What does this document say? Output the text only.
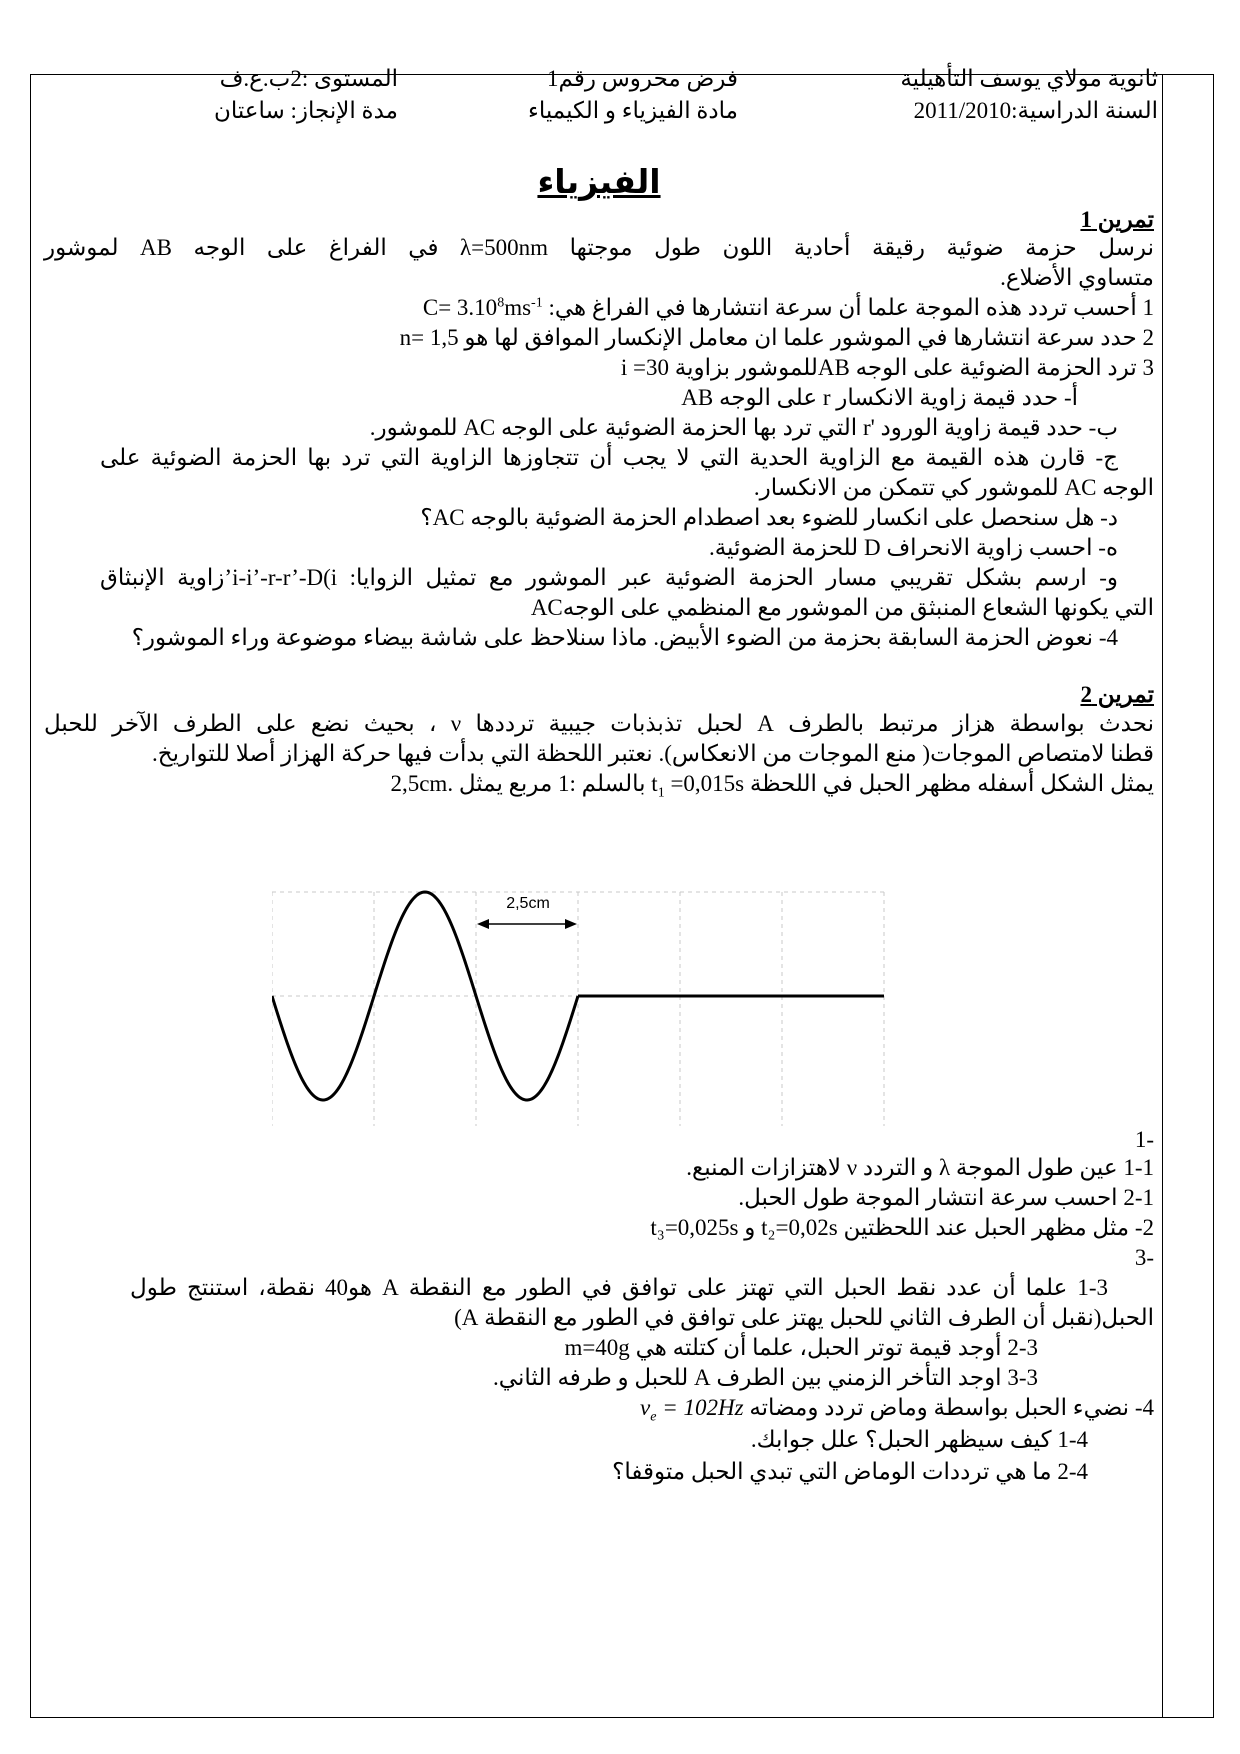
ثانوية مولاي يوسف التأهيلية
السنة الدراسية:2011/2010
فرض محروس رقم1
مادة الفيزياء و الكيمياء
المستوى :2ب.ع.ف
مدة الإنجاز: ساعتان
الفيزياء
تمرين 1
نرسل حزمة ضوئية رقيقة أحادية اللون طول موجتها λ=500nm في الفراغ على الوجه AB لموشور
متساوي الأضلاع.
1 أحسب تردد هذه الموجة علما أن سرعة انتشارها في الفراغ هي: $C= 3.10^8ms^{-1}$
2 حدد سرعة انتشارها في الموشور علما ان معامل الإنكسار الموافق لها هو n= 1,5
3 ترد الحزمة الضوئية على الوجه ABللموشور بزاوية i =30
أ- حدد قيمة زاوية الانكسار r على الوجه AB
ب- حدد قيمة زاوية الورود r' التي ترد بها الحزمة الضوئية على الوجه AC للموشور.
ج- قارن هذه القيمة مع الزاوية الحدية التي لا يجب أن تتجاوزها الزاوية التي ترد بها الحزمة الضوئية على
الوجه AC للموشور كي تتمكن من الانكسار.
د- هل سنحصل على انكسار للضوء بعد اصطدام الحزمة الضوئية بالوجه AC؟
ه- احسب زاوية الانحراف D للحزمة الضوئية.
و- ارسم بشكل تقريبي مسار الحزمة الضوئية عبر الموشور مع تمثيل الزوايا: i-i’-r-r’-D(i’زاوية الإنبثاق
التي يكونها الشعاع المنبثق من الموشور مع المنظمي على الوجهAC
4- نعوض الحزمة السابقة بحزمة من الضوء الأبيض. ماذا سنلاحظ على شاشة بيضاء موضوعة وراء الموشور؟
تمرين 2
نحدث بواسطة هزاز مرتبط بالطرف A لحبل تذبذبات جيبية ترددها ν ، بحيث نضع على الطرف الآخر للحبل
قطنا لامتصاص الموجات( منع الموجات من الانعكاس). نعتبر اللحظة التي بدأت فيها حركة الهزاز أصلا للتواريخ.
يمثل الشكل أسفله مظهر الحبل في اللحظة $t_1 =0,015s$ بالسلم :1 مربع يمثل 2,5cm.
2,5cm
-1
1-1 عين طول الموجة λ و التردد ν لاهتزازات المنبع.
2-1 احسب سرعة انتشار الموجة طول الحبل.
2- مثل مظهر الحبل عند اللحظتين t₂=0,02s و t₃=0,025s
-3
1-3 علما أن عدد نقط الحبل التي تهتز على توافق في الطور مع النقطة A هو40 نقطة، استنتج طول
الحبل(نقبل أن الطرف الثاني للحبل يهتز على توافق في الطور مع النقطة A)
2-3 أوجد قيمة توتر الحبل، علما أن كتلته هي m=40g
3-3 اوجد التأخر الزمني بين الطرف A للحبل و طرفه الثاني.
4- نضيء الحبل بواسطة وماض تردد ومضاته $\nu_e = 102Hz$
1-4 كيف سيظهر الحبل؟ علل جوابك.
2-4 ما هي ترددات الوماض التي تبدي الحبل متوقفا؟
